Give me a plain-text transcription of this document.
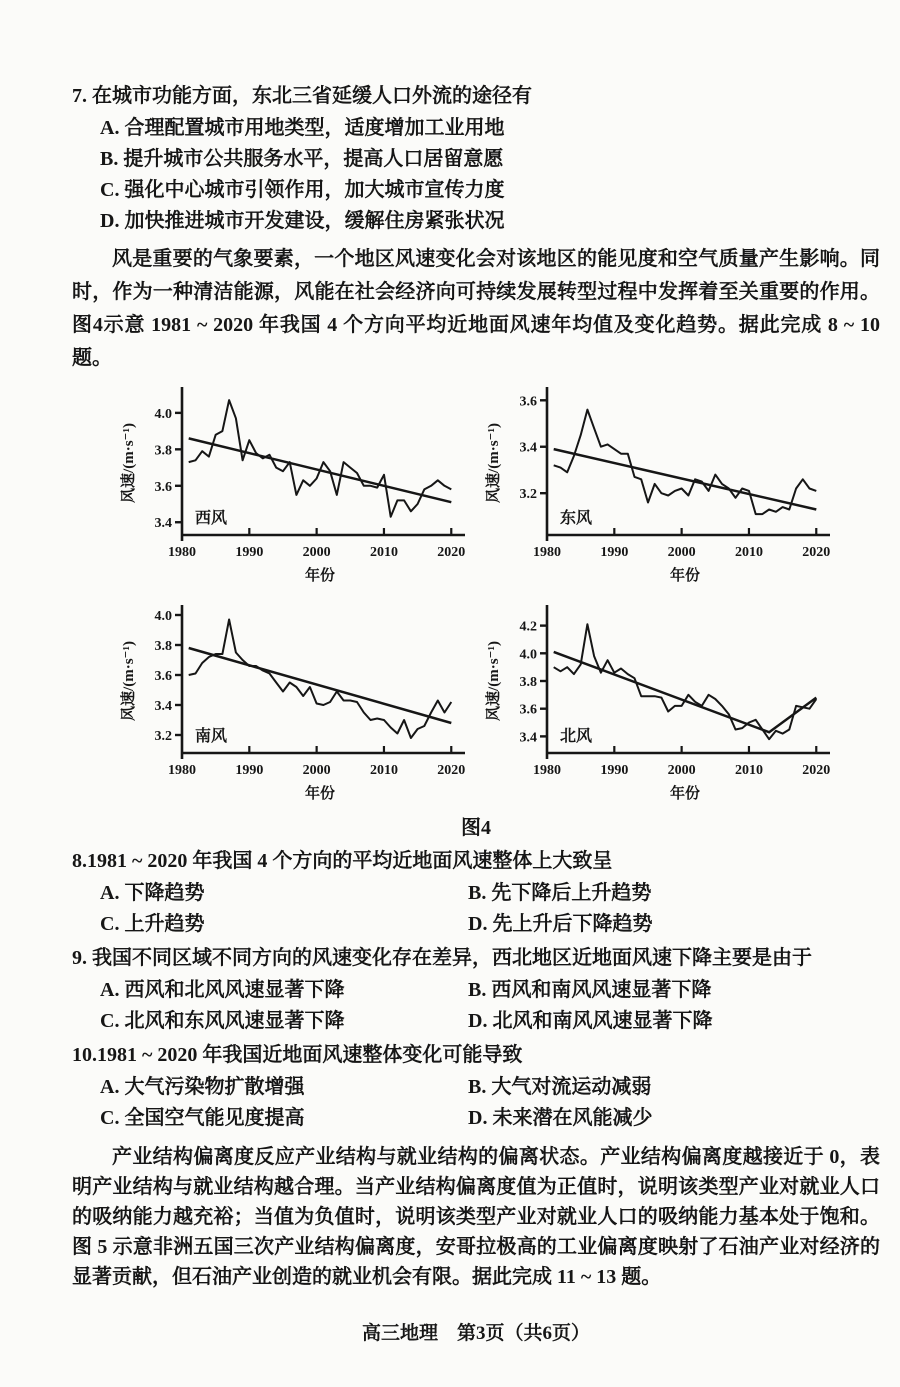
7. 在城市功能方面，东北三省延缓人口外流的途径有
A. 合理配置城市用地类型，适度增加工业用地
B. 提升城市公共服务水平，提高人口居留意愿
C. 强化中心城市引领作用，加大城市宣传力度
D. 加快推进城市开发建设，缓解住房紧张状况

风是重要的气象要素，一个地区风速变化会对该地区的能见度和空气质量产生影响。同时，作为一种清洁能源，风能在社会经济向可持续发展转型过程中发挥着至关重要的作用。图4示意 1981 ~ 2020 年我国 4 个方向平均近地面风速年均值及变化趋势。据此完成 8 ~ 10 题。

3.4
3.6
3.8
4.0
1980	1990	2000	2010	2020
西风
年份
风速/(m·s⁻¹)	3.2
3.4
3.6
1980	1990	2000	2010	2020
东风
年份
风速/(m·s⁻¹)
3.2
3.4
3.6
3.8
4.0
1980	1990	2000	2010	2020
南风
年份
风速/(m·s⁻¹)
3.4
3.6
3.8
4.0
4.2
1980	1990	2000	2010	2020
北风
年份
风速/(m·s⁻¹)
图4
8.1981 ~ 2020 年我国 4 个方向的平均近地面风速整体上大致呈
A. 下降趋势	B. 先下降后上升趋势
C. 上升趋势	D. 先上升后下降趋势
9. 我国不同区域不同方向的风速变化存在差异，西北地区近地面风速下降主要是由于
A. 西风和北风风速显著下降	B. 西风和南风风速显著下降
C. 北风和东风风速显著下降	D. 北风和南风风速显著下降
10.1981 ~ 2020 年我国近地面风速整体变化可能导致
A. 大气污染物扩散增强	B. 大气对流运动减弱
C. 全国空气能见度提高	D. 未来潜在风能减少

产业结构偏离度反应产业结构与就业结构的偏离状态。产业结构偏离度越接近于 0，表明产业结构与就业结构越合理。当产业结构偏离度值为正值时，说明该类型产业对就业人口的吸纳能力越充裕；当值为负值时，说明该类型产业对就业人口的吸纳能力基本处于饱和。图 5 示意非洲五国三次产业结构偏离度，安哥拉极高的工业偏离度映射了石油产业对经济的显著贡献，但石油产业创造的就业机会有限。据此完成 11 ~ 13 题。

高三地理　第3页（共6页）
